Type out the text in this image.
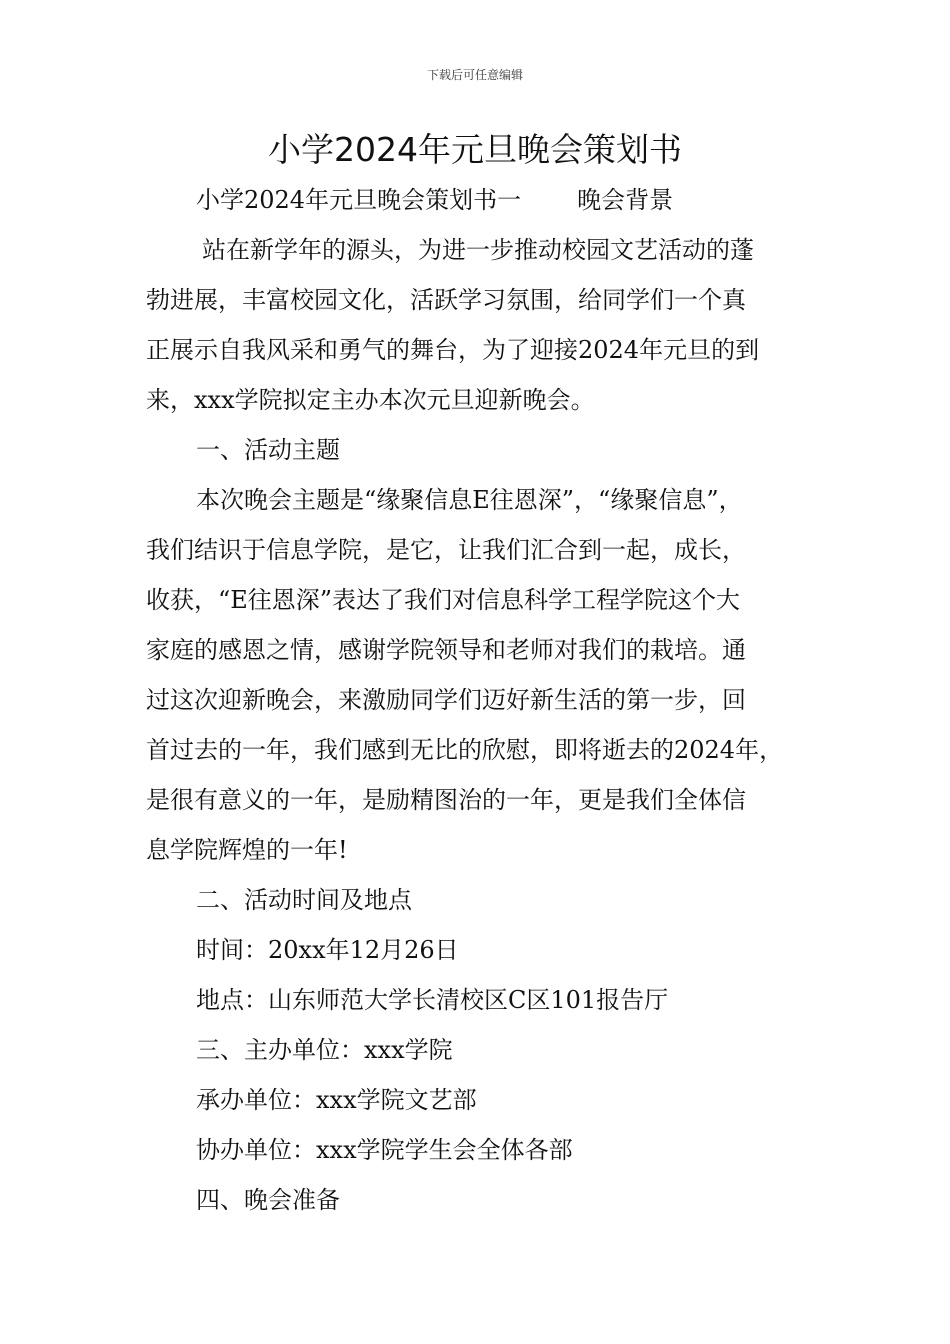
下载后可任意编辑
小学2024年元旦晚会策划书

小学2024年元旦晚会策划书一 晚会背景

站在新学年的源头，为进一步推动校园文艺活动的蓬

勃进展，丰富校园文化，活跃学习氛围，给同学们一个真

正展示自我风采和勇气的舞台，为了迎接2024年元旦的到

来，xxx学院拟定主办本次元旦迎新晚会。

一、活动主题

本次晚会主题是“缘聚信息E往恩深”，“缘聚信息”，

我们结识于信息学院，是它，让我们汇合到一起，成长，

收获，“E往恩深”表达了我们对信息科学工程学院这个大

家庭的感恩之情，感谢学院领导和老师对我们的栽培。通

过这次迎新晚会，来激励同学们迈好新生活的第一步，回

首过去的一年，我们感到无比的欣慰，即将逝去的2024年，

是很有意义的一年，是励精图治的一年，更是我们全体信

息学院辉煌的一年!

二、活动时间及地点

时间：20xx年12月26日

地点：山东师范大学长清校区C区101报告厅

三、主办单位：xxx学院

承办单位：xxx学院文艺部

协办单位：xxx学院学生会全体各部

四、晚会准备
